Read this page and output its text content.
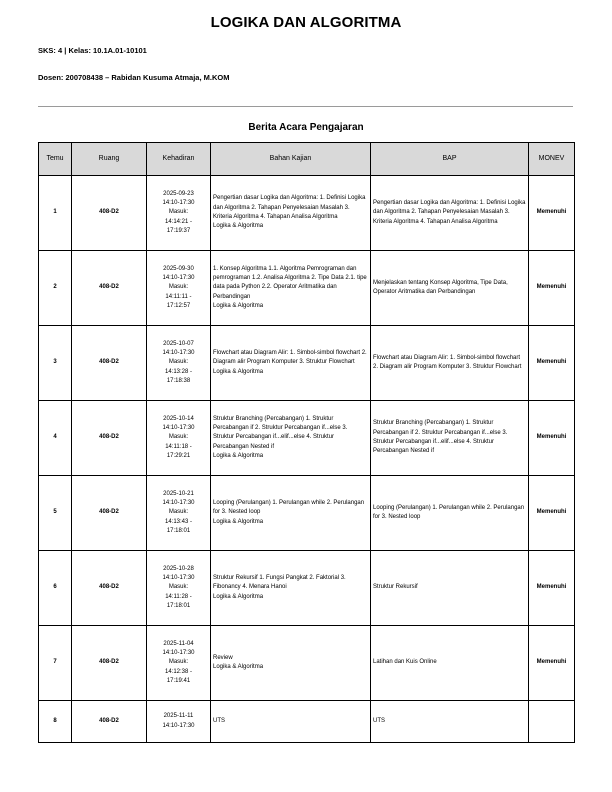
LOGIKA DAN ALGORITMA
SKS: 4 | Kelas: 10.1A.01-10101
Dosen: 200708438 – Rabidan Kusuma Atmaja, M.KOM
Berita Acara Pengajaran
Temu	Ruang	Kehadiran	Bahan Kajian	BAP	MONEV
1	408-D2	2025-09-23
14:10-17:30
Masuk:
14:14:21 -
17:19:37	Pengertian dasar Logika dan Algoritma: 1. Definisi Logika dan Algoritma 2. Tahapan Penyelesaian Masalah 3. Kriteria Algoritma 4. Tahapan Analisa Algoritma
Logika & Algoritma	Pengertian dasar Logika dan Algoritma: 1. Definisi Logika dan Algoritma 2. Tahapan Penyelesaian Masalah 3. Kriteria Algoritma 4. Tahapan Analisa Algoritma	Memenuhi
2	408-D2	2025-09-30
14:10-17:30
Masuk:
14:11:11 -
17:12:57	1. Konsep Algoritma 1.1. Algoritma Pemrograman dan pemrograman 1.2. Analisa Algoritma 2. Tipe Data 2.1. tipe data pada Python 2.2. Operator Aritmatika dan Perbandingan
Logika & Algoritma	Menjelaskan tentang Konsep Algoritma, Tipe Data, Operator Aritmatika dan Perbandingan	Memenuhi
3	408-D2	2025-10-07
14:10-17:30
Masuk:
14:13:28 -
17:18:38	Flowchart atau Diagram Alir: 1. Simbol-simbol flowchart 2. Diagram alir Program Komputer 3. Struktur Flowchart
Logika & Algoritma	Flowchart atau Diagram Alir: 1. Simbol-simbol flowchart 2. Diagram alir Program Komputer 3. Struktur Flowchart	Memenuhi
4	408-D2	2025-10-14
14:10-17:30
Masuk:
14:11:18 -
17:29:21	Struktur Branching (Percabangan) 1. Struktur Percabangan if 2. Struktur Percabangan if...else 3. Struktur Percabangan if...elif...else 4. Struktur Percabangan Nested if
Logika & Algoritma	Struktur Branching (Percabangan) 1. Struktur Percabangan if 2. Struktur Percabangan if...else 3. Struktur Percabangan if...elif...else 4. Struktur Percabangan Nested if	Memenuhi
5	408-D2	2025-10-21
14:10-17:30
Masuk:
14:13:43 -
17:18:01	Looping (Perulangan) 1. Perulangan while 2. Perulangan for 3. Nested loop
Logika & Algoritma	Looping (Perulangan) 1. Perulangan while 2. Perulangan for 3. Nested loop	Memenuhi
6	408-D2	2025-10-28
14:10-17:30
Masuk:
14:11:28 -
17:18:01	Struktur Rekursif 1. Fungsi Pangkat 2. Faktorial 3. Fibonancy 4. Menara Hanoi
Logika & Algoritma	Struktur Rekursif	Memenuhi
7	408-D2	2025-11-04
14:10-17:30
Masuk:
14:12:38 -
17:19:41	Review
Logika & Algoritma	Latihan dan Kuis Online	Memenuhi
8	408-D2	2025-11-11
14:10-17:30	UTS	UTS	
